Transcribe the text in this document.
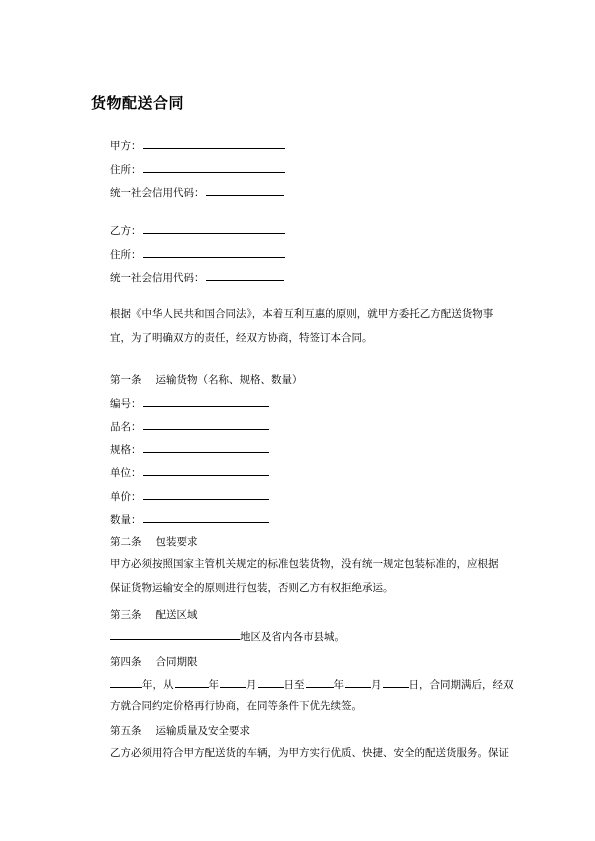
货物配送合同
甲方：
住所：
统一社会信用代码：
乙方：
住所：
统一社会信用代码：

根据《中华人民共和国合同法》，本着互利互惠的原则，就甲方委托乙方配送货物事宜，为了明确双方的责任，经双方协商，特签订本合同。

第一条 运输货物（名称、规格、数量）
编号：
品名：
规格：
单位：
单价：
数量：
第二条 包装要求

甲方必须按照国家主管机关规定的标准包装货物，没有统一规定包装标准的，应根据保证货物运输安全的原则进行包装，否则乙方有权拒绝承运。

第三条 配送区域
地区及省内各市县城。
第四条 合同期限
年，从	年	月	日至	年	月	日，合同期满后，经双
方就合同约定价格再行协商，在同等条件下优先续签。
第五条 运输质量及安全要求
乙方必须用符合甲方配送货的车辆，为甲方实行优质、快捷、安全的配送货服务。保证
